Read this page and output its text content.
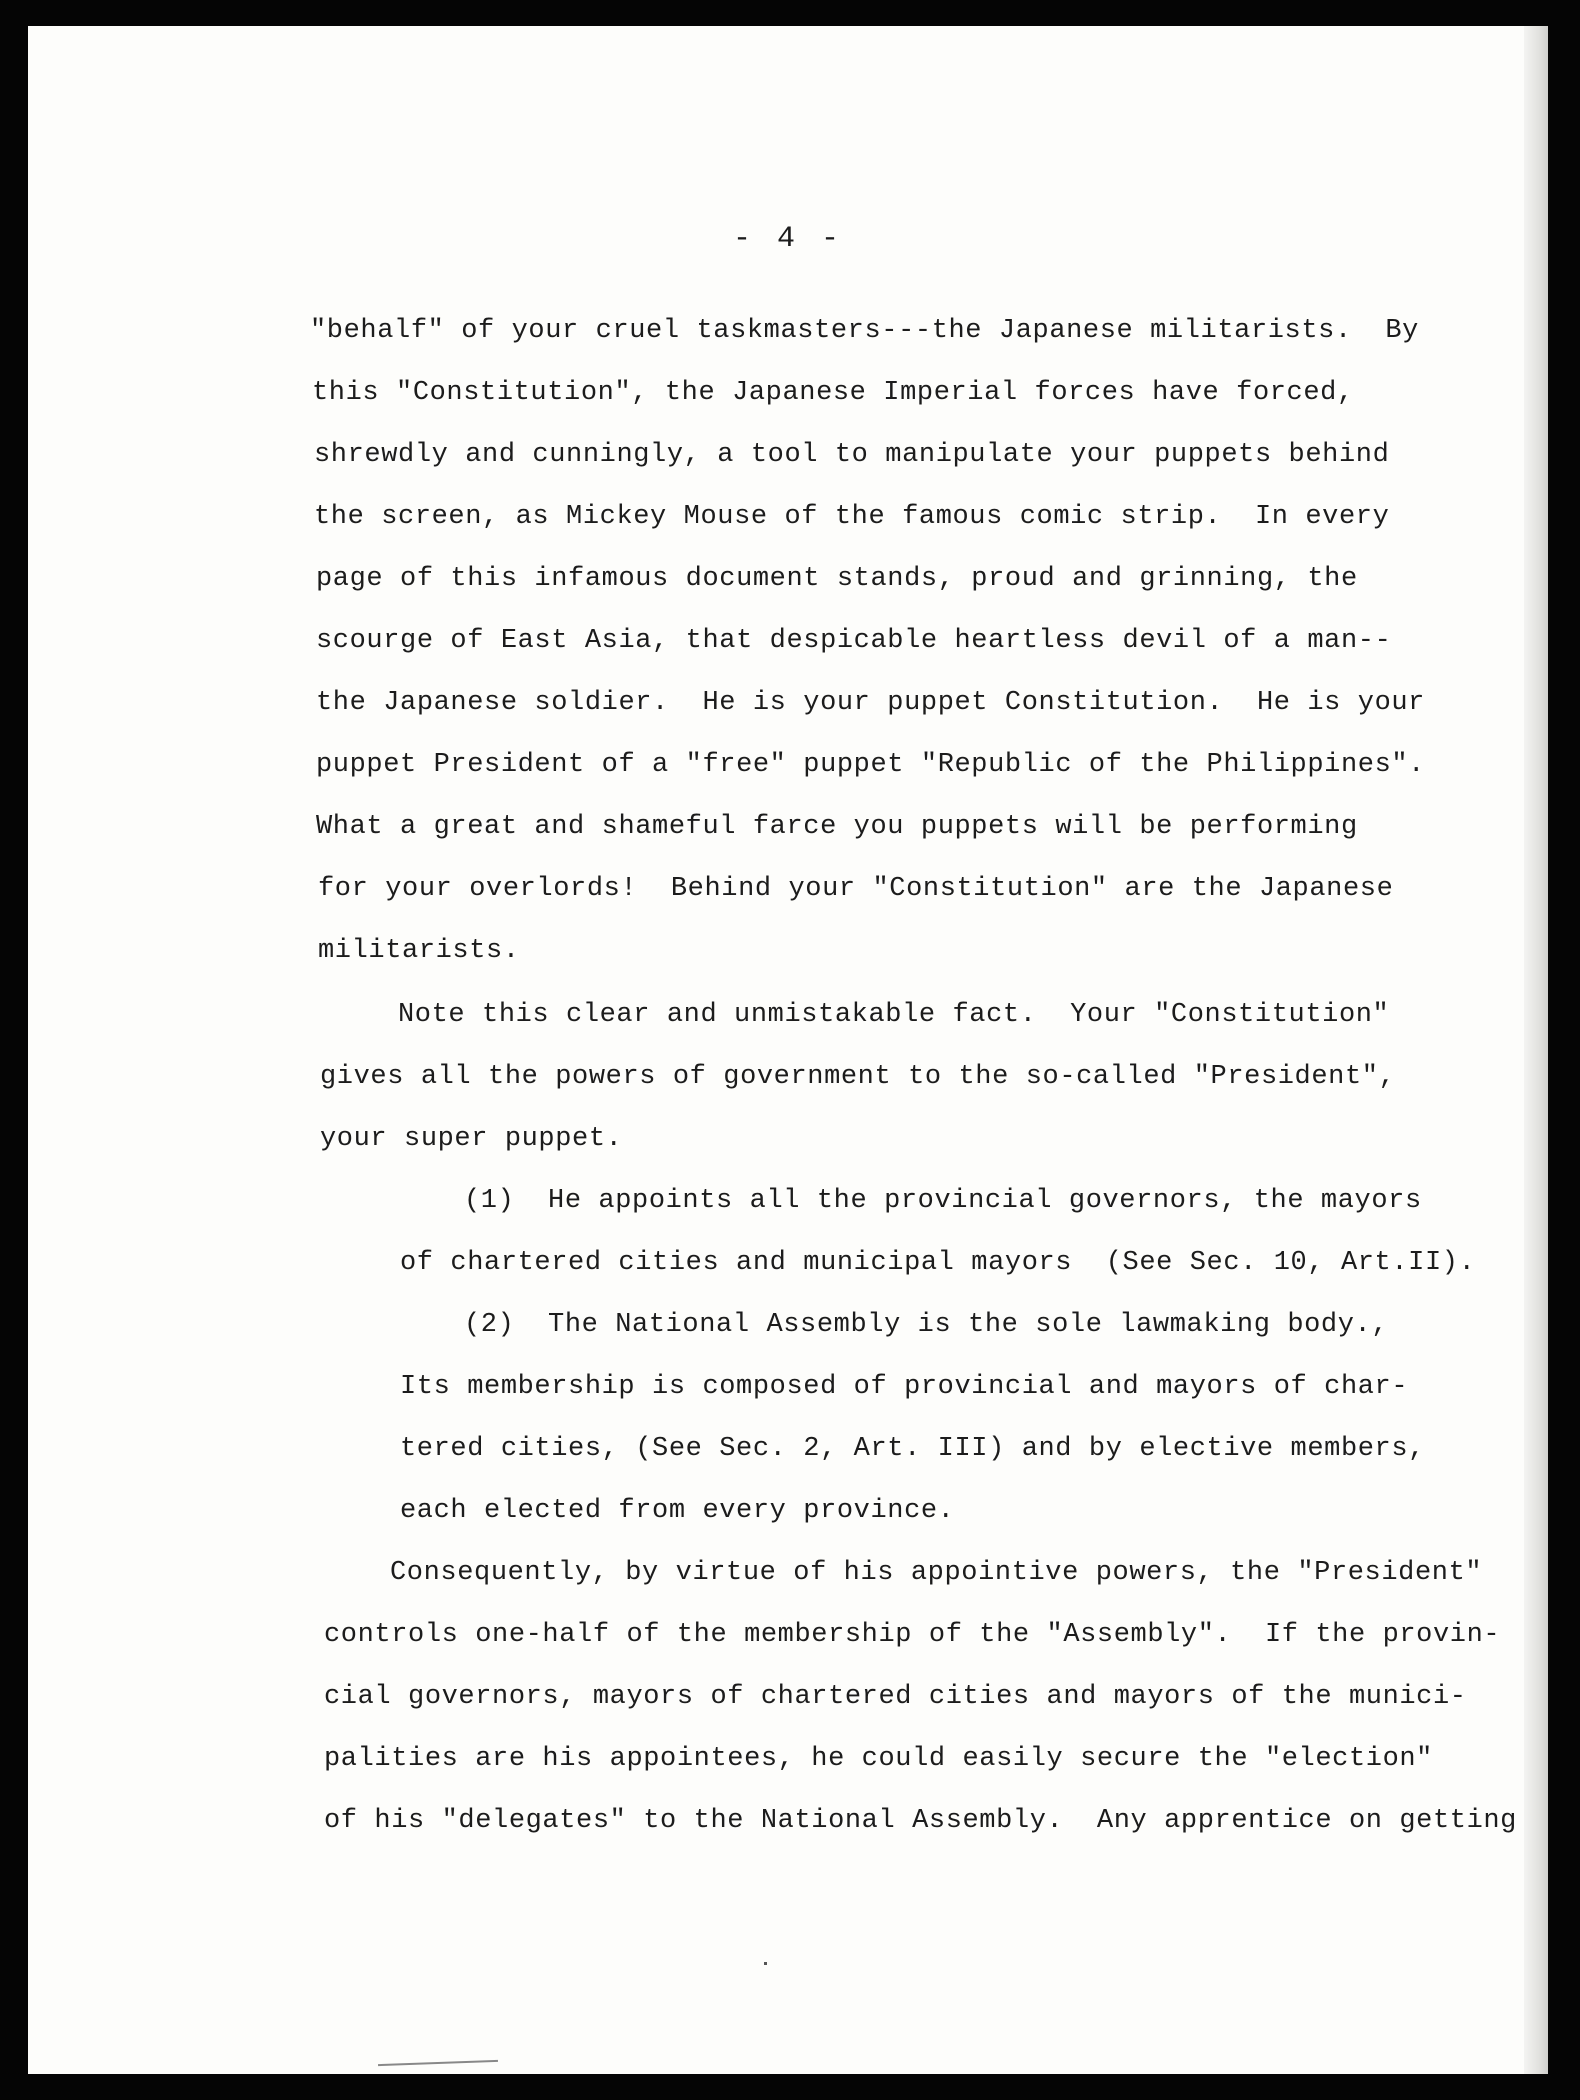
- 4 -
"behalf" of your cruel taskmasters---the Japanese militarists.  By
this "Constitution", the Japanese Imperial forces have forced,
shrewdly and cunningly, a tool to manipulate your puppets behind
the screen, as Mickey Mouse of the famous comic strip.  In every
page of this infamous document stands, proud and grinning, the
scourge of East Asia, that despicable heartless devil of a man--
the Japanese soldier.  He is your puppet Constitution.  He is your
puppet President of a "free" puppet "Republic of the Philippines".
What a great and shameful farce you puppets will be performing
for your overlords!  Behind your "Constitution" are the Japanese
militarists.
Note this clear and unmistakable fact.  Your "Constitution"
gives all the powers of government to the so-called "President",
your super puppet.
(1)  He appoints all the provincial governors, the mayors
of chartered cities and municipal mayors  (See Sec. 10, Art.II).
(2)  The National Assembly is the sole lawmaking body.,
Its membership is composed of provincial and mayors of char-
tered cities, (See Sec. 2, Art. III) and by elective members,
each elected from every province.
Consequently, by virtue of his appointive powers, the "President"
controls one-half of the membership of the "Assembly".  If the provin-
cial governors, mayors of chartered cities and mayors of the munici-
palities are his appointees, he could easily secure the "election"
of his "delegates" to the National Assembly.  Any apprentice on getting
